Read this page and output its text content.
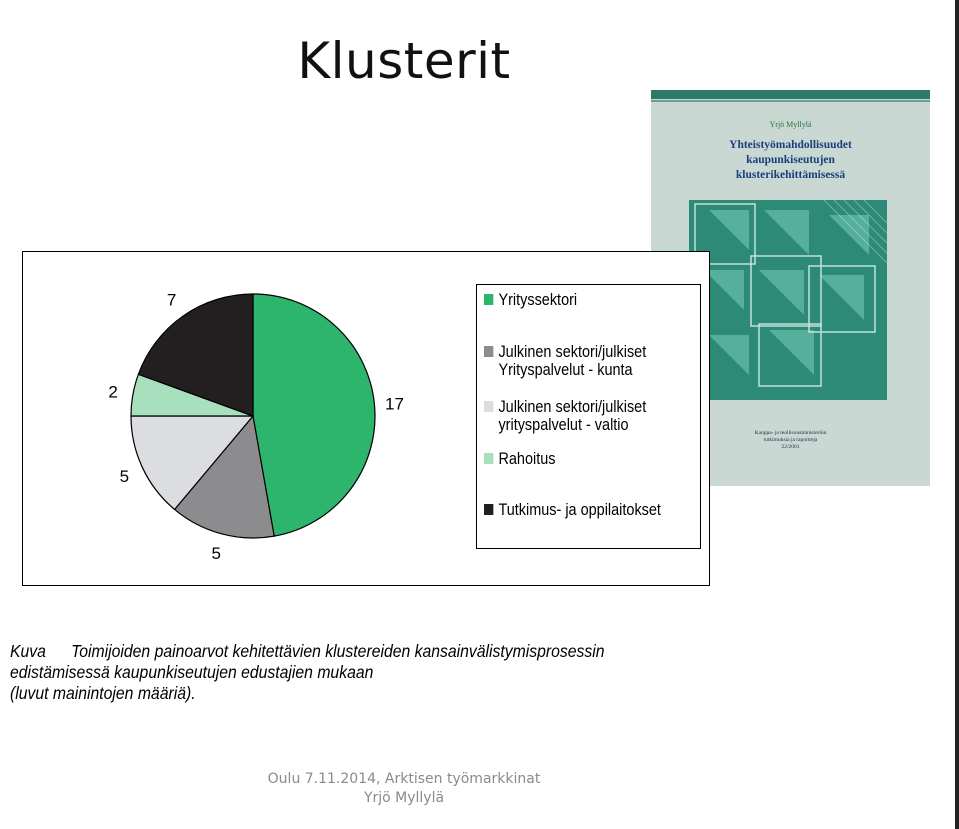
Klusterit
Yrjö Myllylä
Yhteistyömahdollisuudet
kaupunkiseutujen
klusterikehittämisessä
Kauppa- ja teollisuusministeriön
tutkimuksia ja raportteja
22/2001
17
5
5
2
7	Yrityssektori
Julkinen sektori/julkiset
Yrityspalvelut - kunta
Julkinen sektori/julkiset
yrityspalvelut - valtio
Rahoitus
Tutkimus- ja oppilaitokset
Kuva Toimijoiden painoarvot kehitettävien klustereiden kansainvälistymisprosessin
edistämisessä kaupunkiseutujen edustajien mukaan
(luvut mainintojen määriä).
Oulu 7.11.2014, Arktisen työmarkkinat
Yrjö Myllylä
